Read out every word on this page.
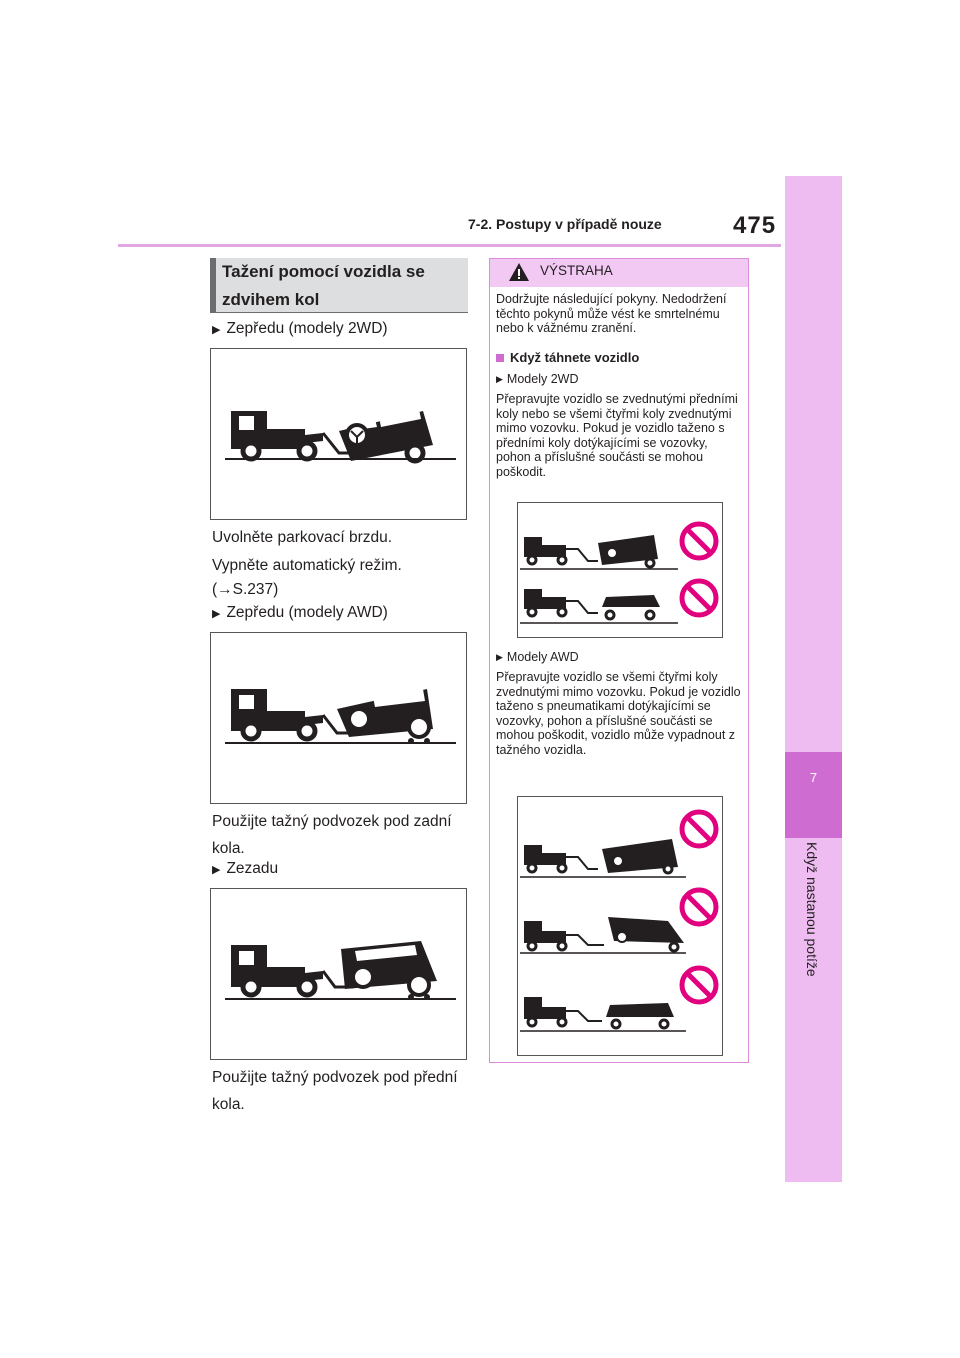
7-2. Postupy v případě nouze	475
7
Když nastanou potíže
Tažení pomocí vozidla se zdvihem kol
▶ Zepředu (modely 2WD)
Uvolněte parkovací brzdu.
Vypněte automatický režim.
(→S.237)
▶ Zepředu (modely AWD)
Použijte tažný podvozek pod zadní kola.
▶ Zezadu
Použijte tažný podvozek pod přední kola.
VÝSTRAHA
Dodržujte následující pokyny. Nedodržení těchto pokynů může vést ke smrtelnému nebo k vážnému zranění.
Když táhnete vozidlo
▶ Modely 2WD
Přepravujte vozidlo se zvednutými předními koly nebo se všemi čtyřmi koly zvednutými mimo vozovku. Pokud je vozidlo taženo s předními koly dotýkajícími se vozovky, pohon a příslušné součásti se mohou poškodit.
▶ Modely AWD
Přepravujte vozidlo se všemi čtyřmi koly zvednutými mimo vozovku. Pokud je vozidlo taženo s pneumatikami dotýkajícími se vozovky, pohon a příslušné součásti se mohou poškodit, vozidlo může vypadnout z tažného vozidla.
